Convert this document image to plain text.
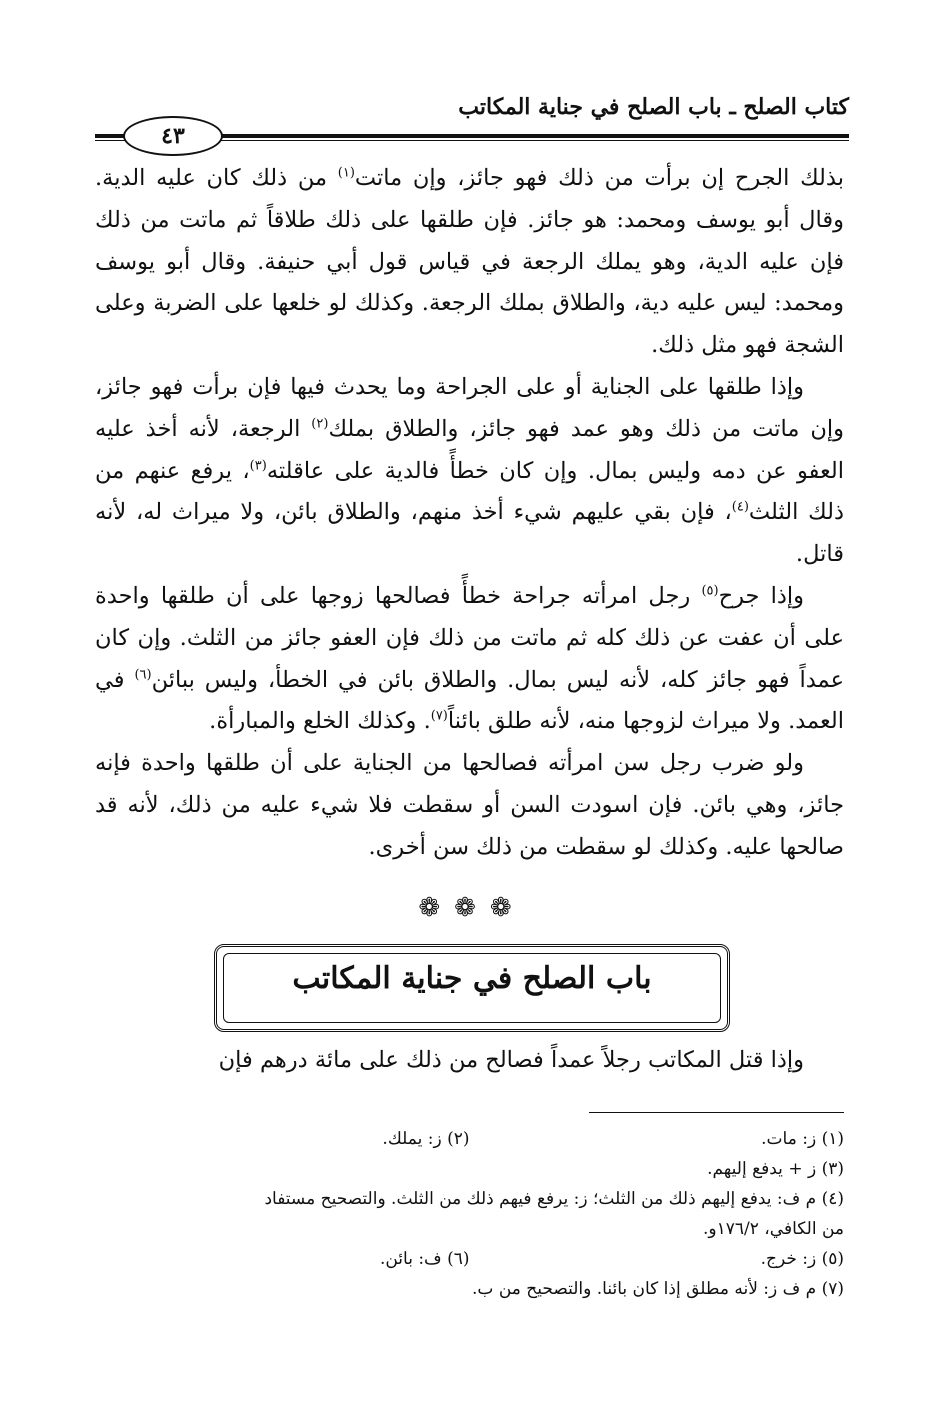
كتاب الصلح ـ باب الصلح في جناية المكاتب
٤٣

بذلك الجرح إن برأت من ذلك فهو جائز، وإن ماتت$^{(١)}$ من ذلك كان عليه الدية. وقال أبو يوسف ومحمد: هو جائز. فإن طلقها على ذلك طلاقاً ثم ماتت من ذلك فإن عليه الدية، وهو يملك الرجعة في قياس قول أبي حنيفة. وقال أبو يوسف ومحمد: ليس عليه دية، والطلاق بملك الرجعة. وكذلك لو خلعها على الضربة وعلى الشجة فهو مثل ذلك.

وإذا طلقها على الجناية أو على الجراحة وما يحدث فيها فإن برأت فهو جائز، وإن ماتت من ذلك وهو عمد فهو جائز، والطلاق بملك$^{(٢)}$ الرجعة، لأنه أخذ عليه العفو عن دمه وليس بمال. وإن كان خطأً فالدية على عاقلته$^{(٣)}$، يرفع عنهم من ذلك الثلث$^{(٤)}$، فإن بقي عليهم شيء أخذ منهم، والطلاق بائن، ولا ميراث له، لأنه قاتل.

وإذا جرح$^{(٥)}$ رجل امرأته جراحة خطأً فصالحها زوجها على أن طلقها واحدة على أن عفت عن ذلك كله ثم ماتت من ذلك فإن العفو جائز من الثلث. وإن كان عمداً فهو جائز كله، لأنه ليس بمال. والطلاق بائن في الخطأ، وليس ببائن$^{(٦)}$ في العمد. ولا ميراث لزوجها منه، لأنه طلق بائناً$^{(٧)}$. وكذلك الخلع والمبارأة.

ولو ضرب رجل سن امرأته فصالحها من الجناية على أن طلقها واحدة فإنه جائز، وهي بائن. فإن اسودت السن أو سقطت فلا شيء عليه من ذلك، لأنه قد صالحها عليه. وكذلك لو سقطت من ذلك سن أخرى.

❁❁❁
باب الصلح في جناية المكاتب
وإذا قتل المكاتب رجلاً عمداً فصالح من ذلك على مائة درهم فإن
(١) ز: مات.
(٢) ز: يملك.
(٣) ز + يدفع إليهم.
(٤) م ف: يدفع إليهم ذلك من الثلث؛ ز: يرفع فيهم ذلك من الثلث. والتصحيح مستفاد
من الكافي، ١٧٦/٢و.
(٥) ز: خرج.
(٦) ف: بائن.
(٧) م ف ز: لأنه مطلق إذا كان بائنا. والتصحيح من ب.
